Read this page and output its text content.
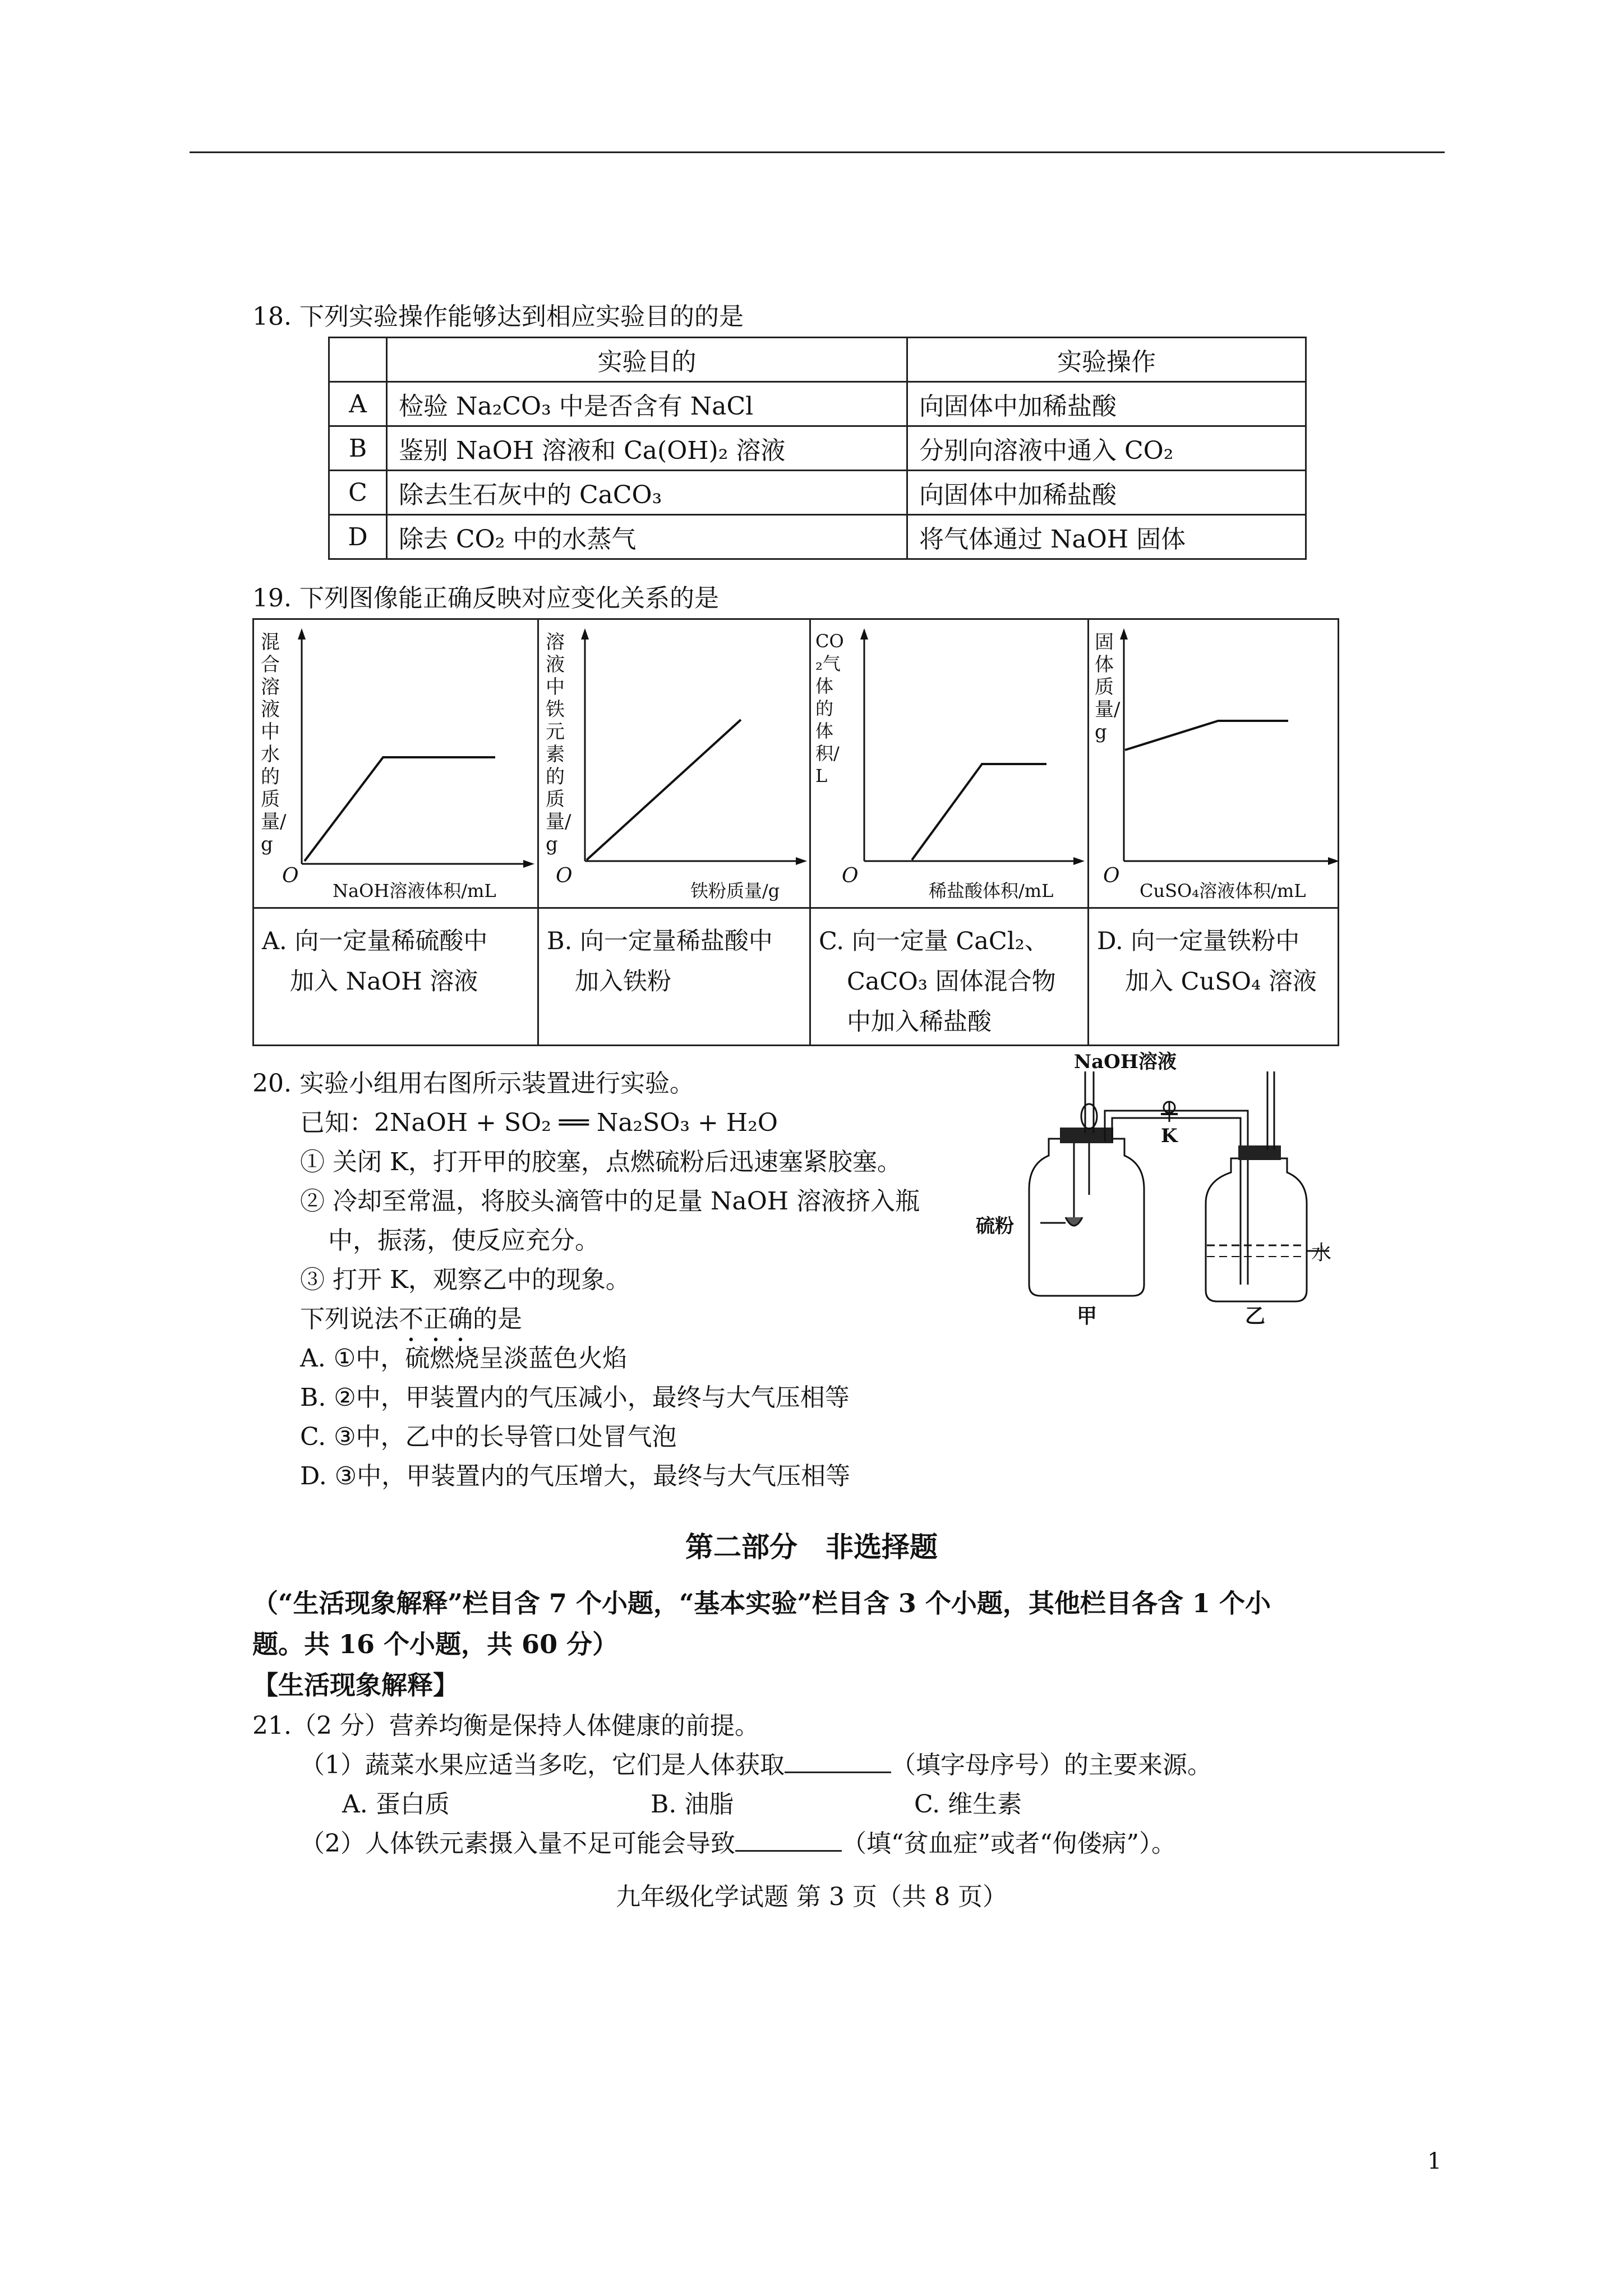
18. 下列实验操作能够达到相应实验目的的是
	实验目的	实验操作
A	检验 Na₂CO₃ 中是否含有 NaCl	向固体中加稀盐酸
B	鉴别 NaOH 溶液和 Ca(OH)₂ 溶液	分别向溶液中通入 CO₂
C	除去生石灰中的 CaCO₃	向固体中加稀盐酸
D	除去 CO₂ 中的水蒸气	将气体通过 NaOH 固体
19. 下列图像能正确反映对应变化关系的是
混合溶液中水的质量/g
O
NaOH溶液体积/mL
A. 向一定量稀硫酸中
加入 NaOH 溶液
溶液中铁元素的质量/g
O
铁粉质量/g
B. 向一定量稀盐酸中
加入铁粉
CO₂气体的体积/L
O
稀盐酸体积/mL
C. 向一定量 CaCl₂、
CaCO₃ 固体混合物
中加入稀盐酸
固体质量/g
O
CuSO₄溶液体积/mL
D. 向一定量铁粉中
加入 CuSO₄ 溶液
20. 实验小组用右图所示装置进行实验。
已知：2NaOH + SO₂ ══ Na₂SO₃ + H₂O
① 关闭 K，打开甲的胶塞，点燃硫粉后迅速塞紧胶塞。
② 冷却至常温，将胶头滴管中的足量 NaOH 溶液挤入瓶
中，振荡，使反应充分。
③ 打开 K，观察乙中的现象。
下列说法不正确的是
A. ①中，硫燃烧呈淡蓝色火焰
B. ②中，甲装置内的气压减小，最终与大气压相等
C. ③中，乙中的长导管口处冒气泡
D. ③中，甲装置内的气压增大，最终与大气压相等
NaOH溶液
K
硫粉
水
甲	乙
第二部分　非选择题
（“生活现象解释”栏目含 7 个小题，“基本实验”栏目含 3 个小题，其他栏目各含 1 个小
题。共 16 个小题，共 60 分）
【生活现象解释】
21.（2 分）营养均衡是保持人体健康的前提。
（1）蔬菜水果应适当多吃，它们是人体获取	（填字母序号）的主要来源。
A. 蛋白质	B. 油脂	C. 维生素
（2）人体铁元素摄入量不足可能会导致	（填“贫血症”或者“佝偻病”）。
九年级化学试题 第 3 页（共 8 页）
1
